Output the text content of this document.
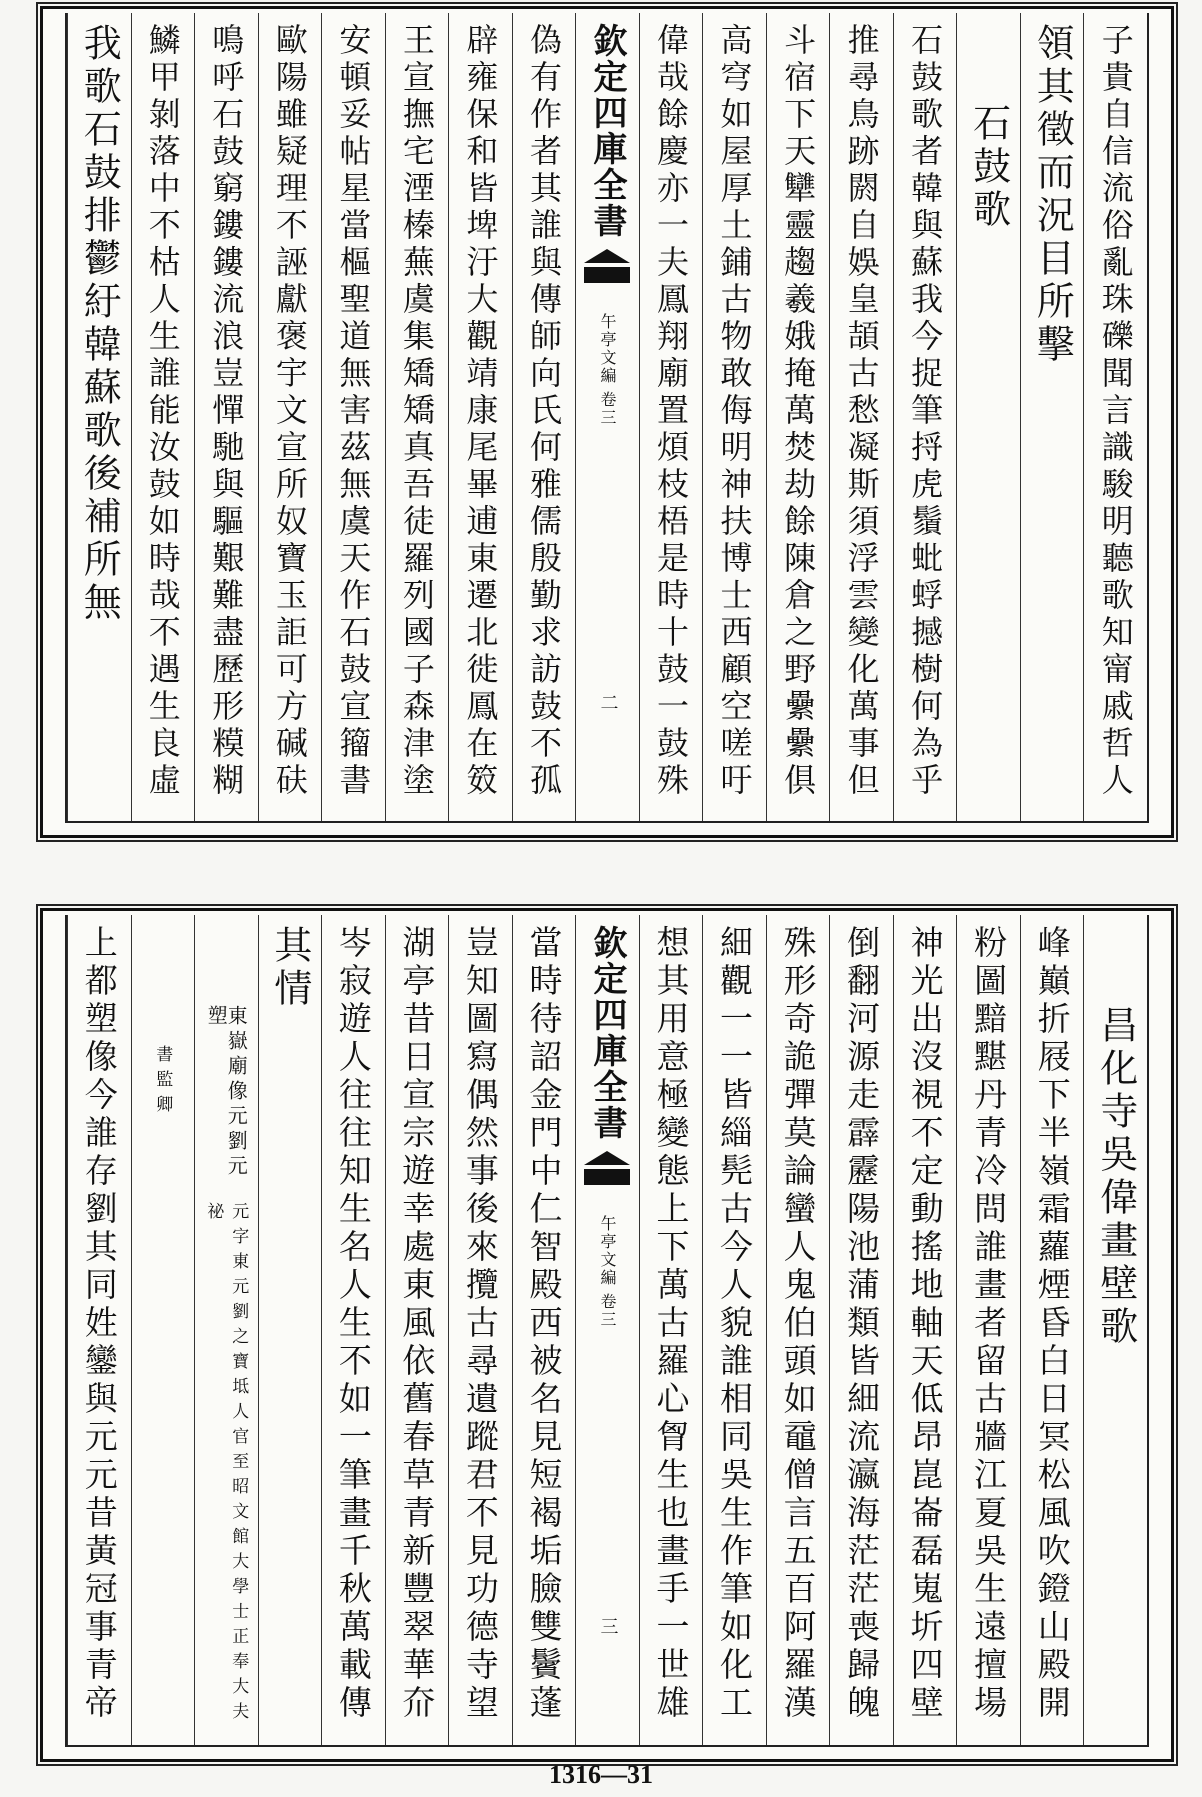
子貴自信流俗亂珠礫聞言識駿明聽歌知甯戚哲人
領其徵而況目所擊
石鼓歌
石鼓歌者韓與蘇我今捉筆捋虎鬚蚍蜉撼樹何為乎
推尋鳥跡閼自娛皇頡古愁凝斯須浮雲變化萬事但
斗宿下天犫靈趨羲娥掩萬焚劫餘陳倉之野纍纍俱
高穹如屋厚土鋪古物敢侮明神扶博士西顧空嗟吁
偉哉餘慶亦一夫鳳翔廟置煩枝梧是時十鼓一鼓殊
欽定四庫全書
午亭文編
卷三
二
偽有作者其誰與傳師向氏何雅儒殷勤求訪鼓不孤
辟雍保和皆埤汙大觀靖康尾畢逋東遷北徙鳳在笯
王宣撫宅湮榛蕪虞集矯矯真吾徒羅列國子森津塗
安頓妥帖星當樞聖道無害茲無虞天作石鼓宣籀書
歐陽雖疑理不誣獻褒宇文宣所奴寶玉詎可方碱砆
鳴呼石鼓窮鏤鏤流浪豈憚馳與驅艱難盡歷形糢糊
鱗甲剝落中不枯人生誰能汝鼓如時哉不遇生良虛
我歌石鼓排鬱紆韓蘇歌後補所無
昌化寺吳偉畫壁歌
峰巔折屐下半嶺霜蘿煙昏白日冥松風吹鐙山殿開
粉圖黯黮丹青冷問誰畫者留古牆江夏吳生遠擅場
神光出沒視不定動搖地軸天低昂崑崙磊嵬圻四壁
倒翻河源走霹靂陽池蒲類皆細流瀛海茫茫喪歸魄
殊形奇詭彈莫論蠻人鬼伯頭如黿僧言五百阿羅漢
細觀一一皆緇髡古今人貌誰相同吳生作筆如化工
想其用意極變態上下萬古羅心胷生也畫手一世雄
欽定四庫全書
午亭文編
卷三
三
當時待詔金門中仁智殿西被名見短褐垢臉雙鬢蓬
豈知圖寫偶然事後來攬古尋遺蹤君不見功德寺望
湖亭昔日宣宗遊幸處東風依舊春草青新豐翠華夼
岑寂遊人往往知生名人生不如一筆畫千秋萬載傳
其情
東嶽廟像元劉元塑
元字東元劉之寶坻人官至昭文館大學士正奉大夫祕
書監卿
上都塑像今誰存劉其同姓鑾與元元昔黃冠事青帝
1316—31
